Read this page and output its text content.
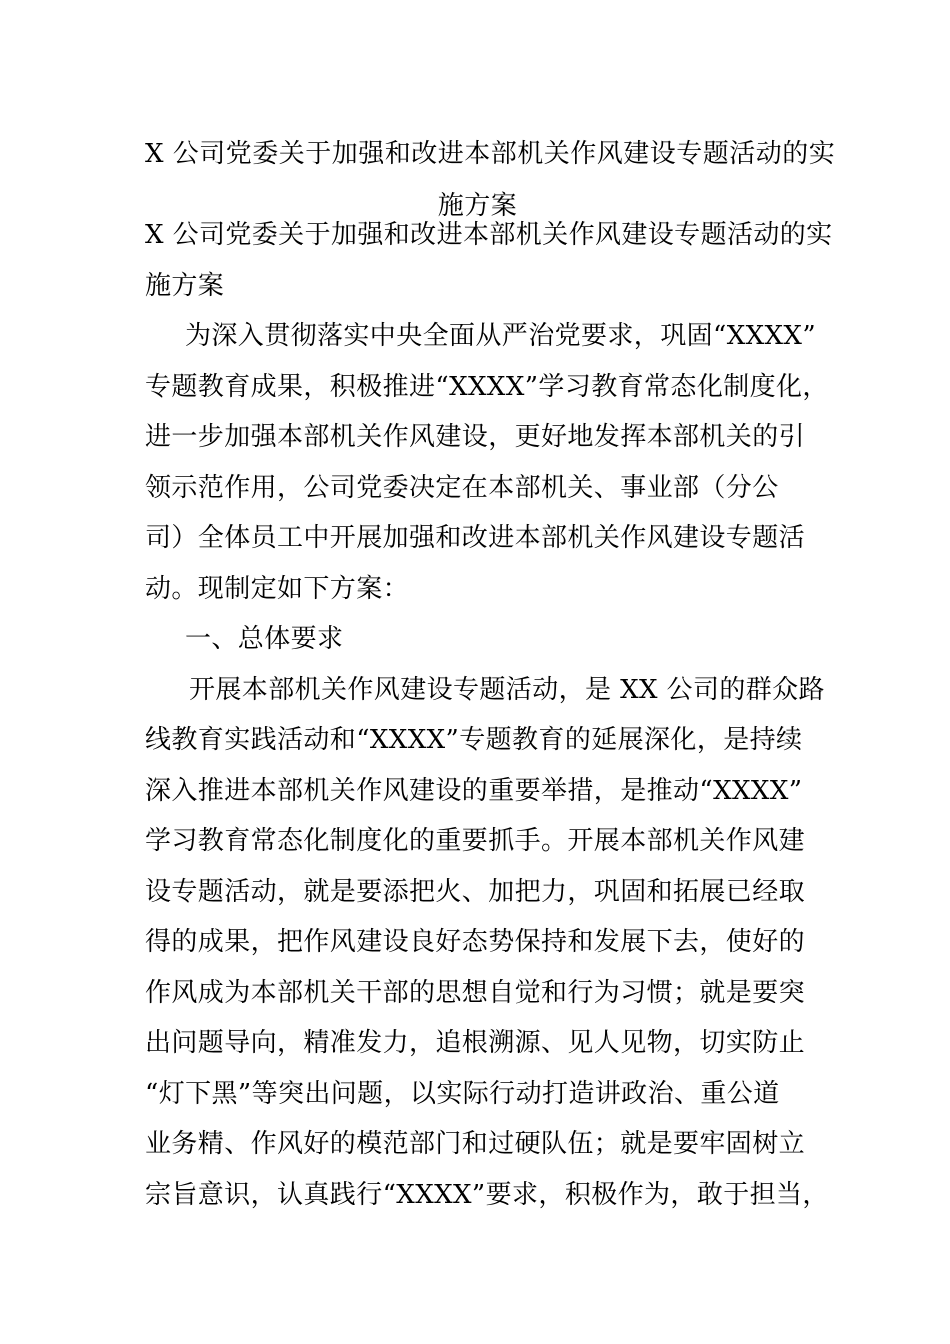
X 公司党委关于加强和改进本部机关作风建设专题活动的实
施方案

X 公司党委关于加强和改进本部机关作风建设专题活动的实

施方案

为深入贯彻落实中央全面从严治党要求，巩固“XXXX”

专题教育成果，积极推进“XXXX”学习教育常态化制度化，

进一步加强本部机关作风建设，更好地发挥本部机关的引

领示范作用，公司党委决定在本部机关、事业部（分公

司）全体员工中开展加强和改进本部机关作风建设专题活

动。现制定如下方案：

一、总体要求

开展本部机关作风建设专题活动，是 XX 公司的群众路

线教育实践活动和“XXXX”专题教育的延展深化，是持续

深入推进本部机关作风建设的重要举措，是推动“XXXX”

学习教育常态化制度化的重要抓手。开展本部机关作风建

设专题活动，就是要添把火、加把力，巩固和拓展已经取

得的成果，把作风建设良好态势保持和发展下去，使好的

作风成为本部机关干部的思想自觉和行为习惯；就是要突

出问题导向，精准发力，追根溯源、见人见物，切实防止

“灯下黑”等突出问题，以实际行动打造讲政治、重公道

业务精、作风好的模范部门和过硬队伍；就是要牢固树立

宗旨意识，认真践行“XXXX”要求，积极作为，敢于担当，
